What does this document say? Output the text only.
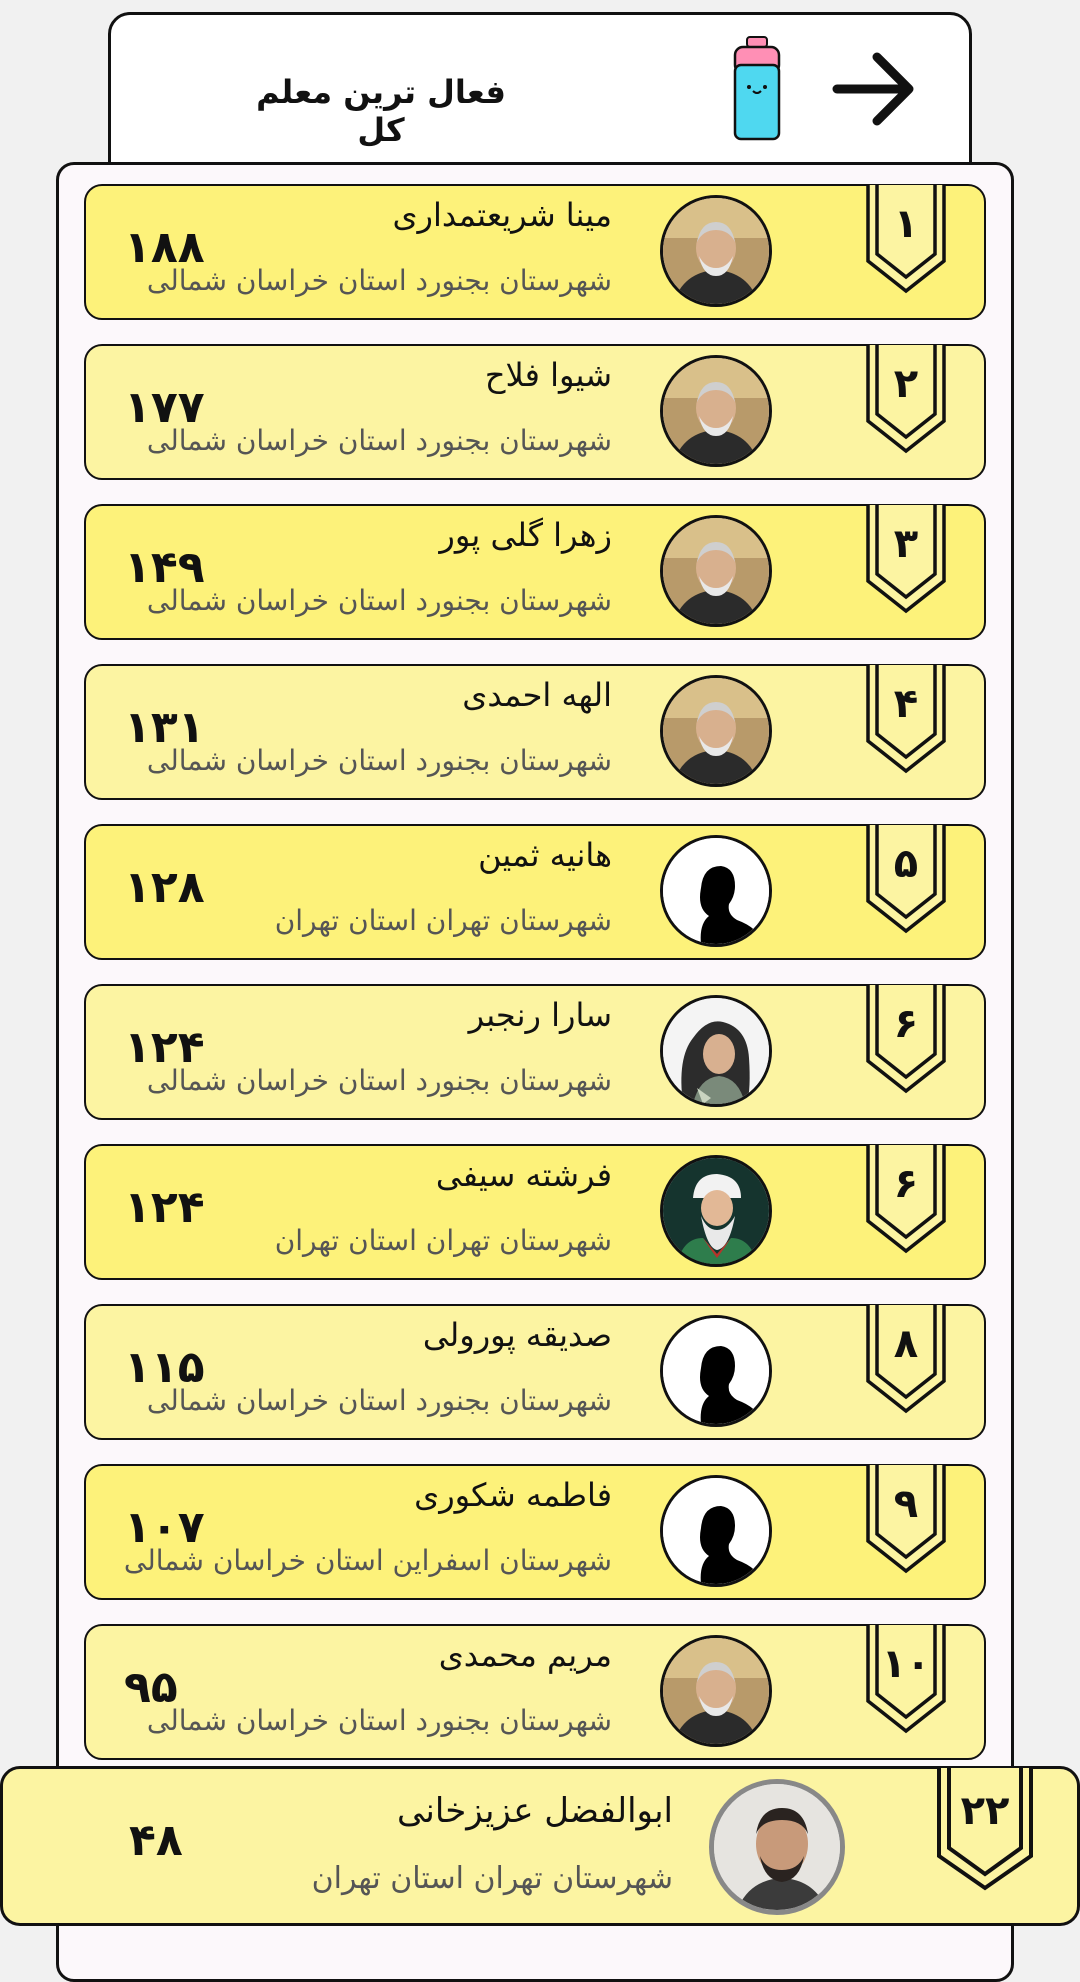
فعال ترین معلم کل
۱۸۸
مینا شریعتمداری
شهرستان بجنورد استان خراسان شمالی
۱
۱۷۷
شیوا فلاح
شهرستان بجنورد استان خراسان شمالی
۲
۱۴۹
زهرا گلی پور
شهرستان بجنورد استان خراسان شمالی
۳
۱۳۱
الهه احمدی
شهرستان بجنورد استان خراسان شمالی
۴
۱۲۸
هانیه ثمین
شهرستان تهران استان تهران
۵
۱۲۴
سارا رنجبر
شهرستان بجنورد استان خراسان شمالی
۶
۱۲۴
فرشته سیفی
شهرستان تهران استان تهران
۶
۱۱۵
صدیقه پورولی
شهرستان بجنورد استان خراسان شمالی
۸
۱۰۷
فاطمه شکوری
شهرستان اسفراین استان خراسان شمالی
۹
۹۵
مریم محمدی
شهرستان بجنورد استان خراسان شمالی
۱۰
۴۸
ابوالفضل عزیزخانی
شهرستان تهران استان تهران
۲۲
